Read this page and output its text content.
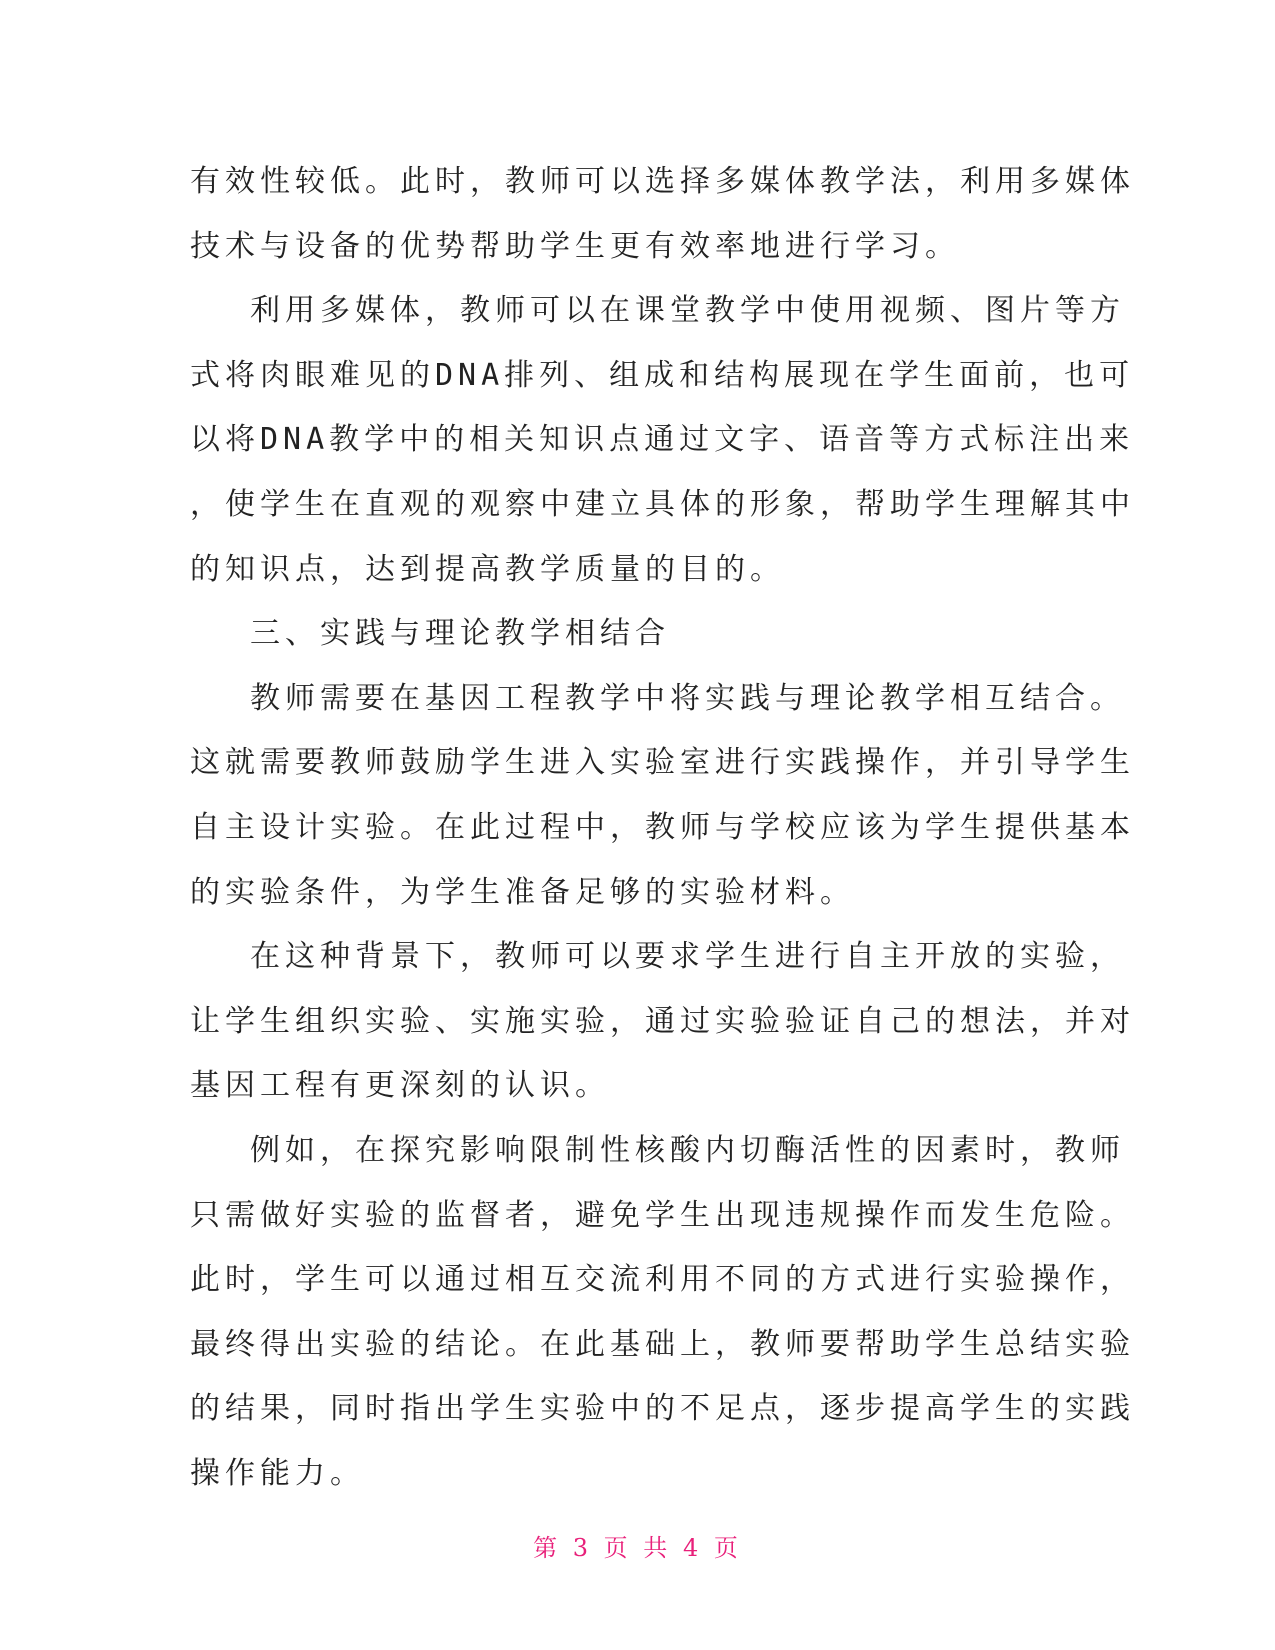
有效性较低。此时，教师可以选择多媒体教学法，利用多媒体
技术与设备的优势帮助学生更有效率地进行学习。
利用多媒体，教师可以在课堂教学中使用视频、图片等方
式将肉眼难见的DNA排列、组成和结构展现在学生面前，也可
以将DNA教学中的相关知识点通过文字、语音等方式标注出来
，使学生在直观的观察中建立具体的形象，帮助学生理解其中
的知识点，达到提高教学质量的目的。
三、实践与理论教学相结合
教师需要在基因工程教学中将实践与理论教学相互结合。
这就需要教师鼓励学生进入实验室进行实践操作，并引导学生
自主设计实验。在此过程中，教师与学校应该为学生提供基本
的实验条件，为学生准备足够的实验材料。
在这种背景下，教师可以要求学生进行自主开放的实验，
让学生组织实验、实施实验，通过实验验证自己的想法，并对
基因工程有更深刻的认识。
例如，在探究影响限制性核酸内切酶活性的因素时，教师
只需做好实验的监督者，避免学生出现违规操作而发生危险。
此时，学生可以通过相互交流利用不同的方式进行实验操作，
最终得出实验的结论。在此基础上，教师要帮助学生总结实验
的结果，同时指出学生实验中的不足点，逐步提高学生的实践
操作能力。
第 3 页 共 4 页
